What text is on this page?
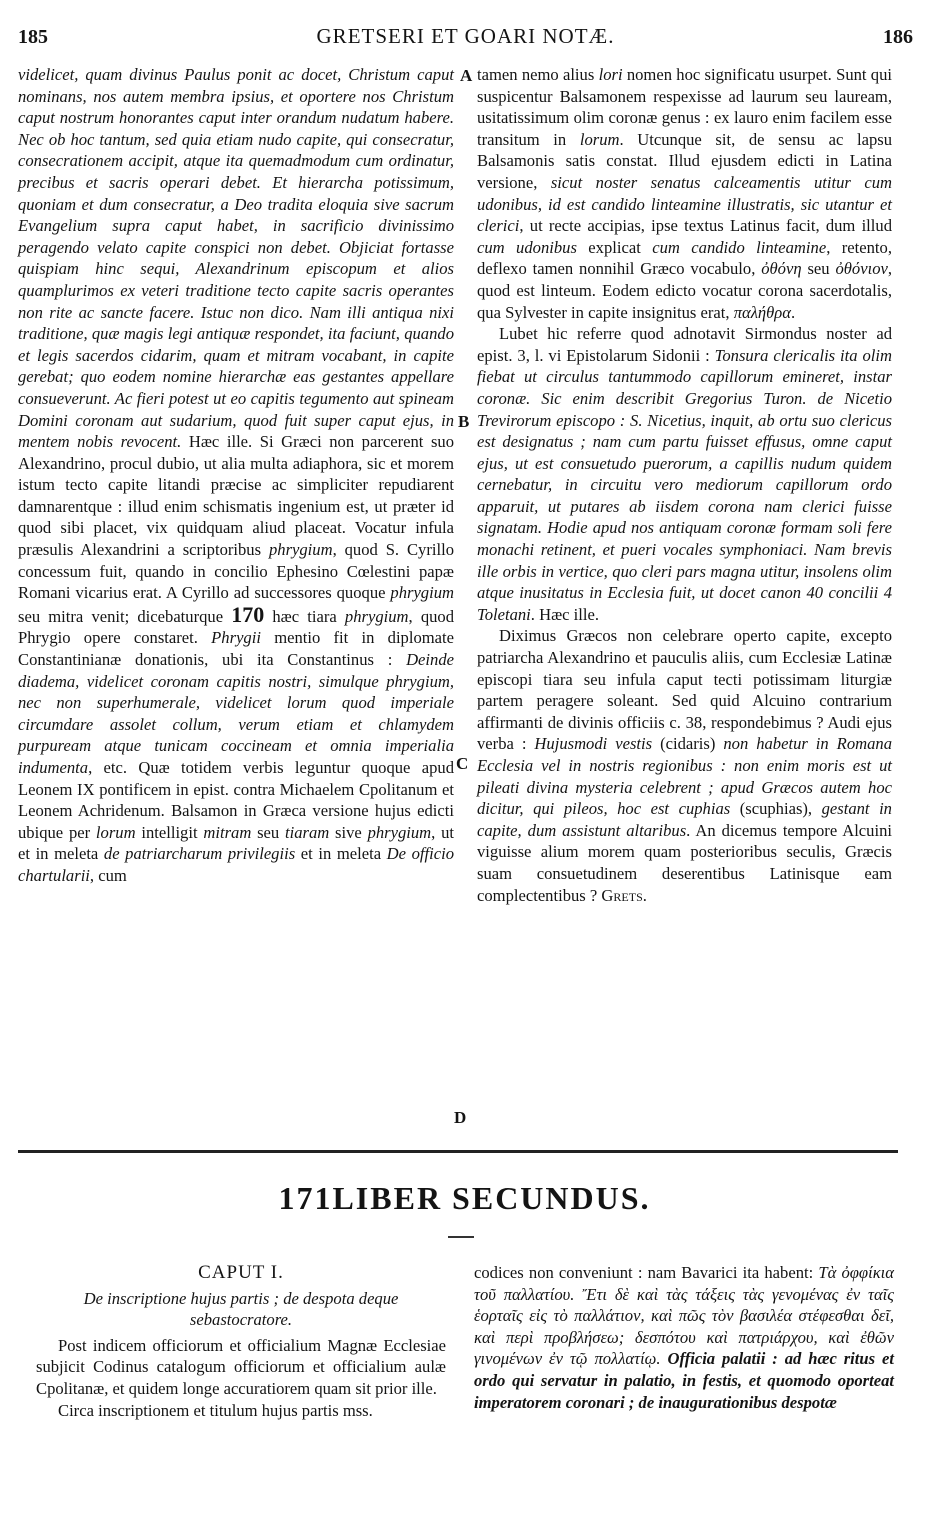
185	GRETSERI ET GOARI NOTÆ.	186
A
B
C
D

videlicet, quam divinus Paulus ponit ac docet, Christum caput nominans, nos autem membra ipsius, et oportere nos Christum caput nostrum honorantes caput inter orandum nudatum habere. Nec ob hoc tantum, sed quia etiam nudo capite, qui consecratur, consecrationem accipit, atque ita quemadmodum cum ordinatur, precibus et sacris operari debet. Et hierarcha potissimum, quoniam et dum consecratur, a Deo tradita eloquia sive sacrum Evangelium supra caput habet, in sacrificio divinissimo peragendo velato capite conspici non debet. Objiciat fortasse quispiam hinc sequi, Alexandrinum episcopum et alios quamplurimos ex veteri traditione tecto capite sacris operantes non rite ac sancte facere. Istuc non dico. Nam illi antiqua nixi traditione, quæ magis legi antiquæ respondet, ita faciunt, quando et legis sacerdos cidarim, quam et mitram vocabant, in capite gerebat; quo eodem nomine hierarchæ eas gestantes appellare consueverunt. Ac fieri potest ut eo capitis tegumento aut spineam Domini coronam aut sudarium, quod fuit super caput ejus, in mentem nobis revocent. Hæc ille. Si Græci non parcerent suo Alexandrino, procul dubio, ut alia multa adiaphora, sic et morem istum tecto capite litandi præcise ac simpliciter repudiarent damnarentque : illud enim schismatis ingenium est, ut præter id quod sibi placet, vix quidquam aliud placeat. Vocatur infula præsulis Alexandrini a scriptoribus phrygium, quod S. Cyrillo concessum fuit, quando in concilio Ephesino Cœlestini papæ Romani vicarius erat. A Cyrillo ad successores quoque phrygium seu mitra venit; dicebaturque 170 hæc tiara phrygium, quod Phrygio opere constaret. Phrygii mentio fit in diplomate Constantinianæ donationis, ubi ita Constantinus : Deinde diadema, videlicet coronam capitis nostri, simulque phrygium, nec non superhumerale, videlicet lorum quod imperiale circumdare assolet collum, verum etiam et chlamydem purpuream atque tunicam coccineam et omnia imperialia indumenta, etc. Quæ totidem verbis leguntur quoque apud Leonem IX pontificem in epist. contra Michaelem Cpolitanum et Leonem Achridenum. Balsamon in Græca versione hujus edicti ubique per lorum intelligit mitram seu tiaram sive phrygium, ut et in meleta de patriarcharum privilegiis et in meleta De officio chartularii, cum

tamen nemo alius lori nomen hoc significatu usurpet. Sunt qui suspicentur Balsamonem respexisse ad laurum seu lauream, usitatissimum olim coronæ genus : ex lauro enim facilem esse transitum in lorum. Utcunque sit, de sensu ac lapsu Balsamonis satis constat. Illud ejusdem edicti in Latina versione, sicut noster senatus calceamentis utitur cum udonibus, id est candido linteamine illustratis, sic utantur et clerici, ut recte accipias, ipse textus Latinus facit, dum illud cum udonibus explicat cum candido linteamine, retento, deflexo tamen nonnihil Græco vocabulo, ὀθόνη seu ὀθόνιον, quod est linteum. Eodem edicto vocatur corona sacerdotalis, qua Sylvester in capite insignitus erat, παλήθρα.

Lubet hic referre quod adnotavit Sirmondus noster ad epist. 3, l. vi Epistolarum Sidonii : Tonsura clericalis ita olim fiebat ut circulus tantummodo capillorum emineret, instar coronæ. Sic enim describit Gregorius Turon. de Nicetio Trevirorum episcopo : S. Nicetius, inquit, ab ortu suo clericus est designatus ; nam cum partu fuisset effusus, omne caput ejus, ut est consuetudo puerorum, a capillis nudum quidem cernebatur, in circuitu vero mediorum capillorum ordo apparuit, ut putares ab iisdem corona nam clerici fuisse signatam. Hodie apud nos antiquam coronæ formam soli fere monachi retinent, et pueri vocales symphoniaci. Nam brevis ille orbis in vertice, quo cleri pars magna utitur, insolens olim atque inusitatus in Ecclesia fuit, ut docet canon 40 concilii 4 Toletani. Hæc ille.

Diximus Græcos non celebrare operto capite, excepto patriarcha Alexandrino et pauculis aliis, cum Ecclesiæ Latinæ episcopi tiara seu infula caput tecti potissimam liturgiæ partem peragere soleant. Sed quid Alcuino contrarium affirmanti de divinis officiis c. 38, respondebimus ? Audi ejus verba : Hujusmodi vestis (cidaris) non habetur in Romana Ecclesia vel in nostris regionibus : non enim moris est ut pileati divina mysteria celebrent ; apud Græcos autem hoc dicitur, qui pileos, hoc est cuphias (scuphias), gestant in capite, dum assistunt altaribus. An dicemus tempore Alcuini viguisse alium morem quam posterioribus seculis, Græcis suam consuetudinem deserentibus Latinisque eam complectentibus ? Grets.

171LIBER SECUNDUS.
CAPUT I.
De inscriptione hujus partis ; de despota deque sebastocratore.

Post indicem officiorum et officialium Magnæ Ecclesiae subjicit Codinus catalogum officiorum et officialium aulæ Cpolitanæ, et quidem longe accuratiorem quam sit prior ille.

Circa inscriptionem et titulum hujus partis mss.

codices non conveniunt : nam Bavarici ita habent: Τὰ ὀφφίκια τοῦ παλλατίου. Ἔτι δὲ καὶ τὰς τάξεις τὰς γενομένας ἐν ταῖς ἑορταῖς εἰς τὸ παλλάτιον, καὶ πῶς τὸν βασιλέα στέφεσθαι δεῖ, καὶ περὶ προβλήσεω; δεσπότου καὶ πατριάρχου, καὶ ἐθῶν γινομένων ἐν τῷ πολλατίῳ. Officia palatii : ad hæc ritus et ordo qui servatur in palatio, in festis, et quomodo oporteat imperatorem coronari ; de inaugurationibus despotæ
